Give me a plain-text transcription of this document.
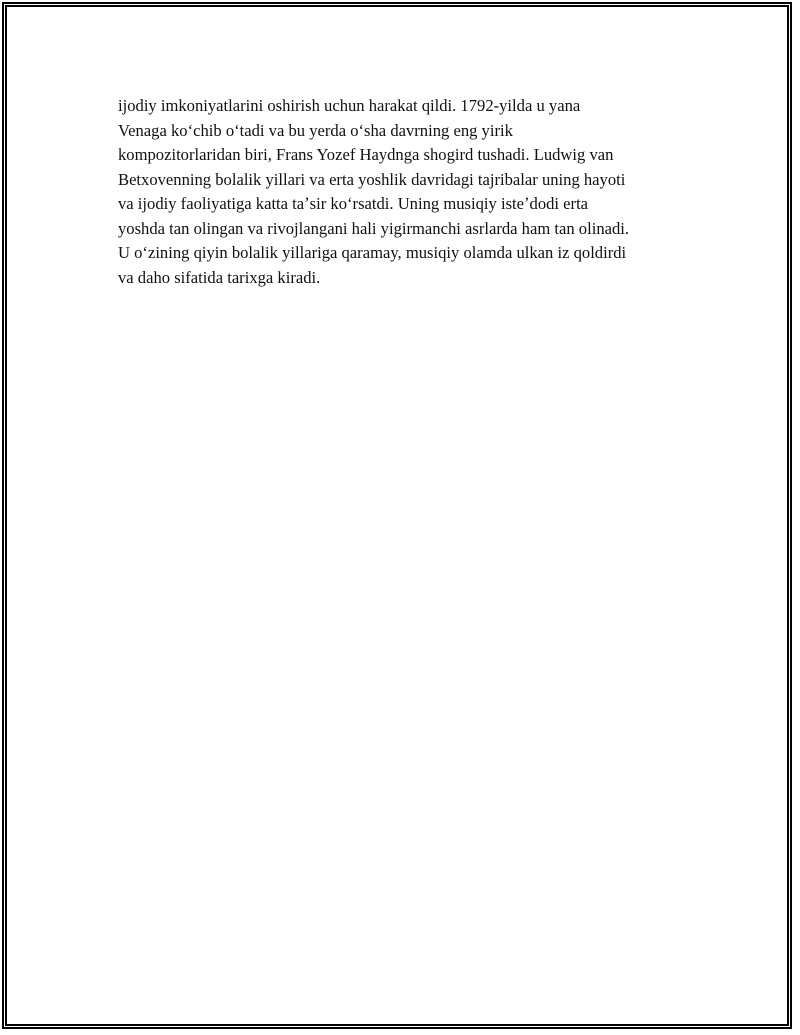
ijodiy imkoniyatlarini oshirish uchun harakat qildi. 1792-yilda u yana
Venaga koʻchib oʻtadi va bu yerda oʻsha davrning eng yirik
kompozitorlaridan biri, Frans Yozef Haydnga shogird tushadi. Ludwig van
Betxovenning bolalik yillari va erta yoshlik davridagi tajribalar uning hayoti
va ijodiy faoliyatiga katta taʼsir koʻrsatdi. Uning musiqiy isteʼdodi erta
yoshda tan olingan va rivojlangani hali yigirmanchi asrlarda ham tan olinadi.
U oʻzining qiyin bolalik yillariga qaramay, musiqiy olamda ulkan iz qoldirdi
va daho sifatida tarixga kiradi.
